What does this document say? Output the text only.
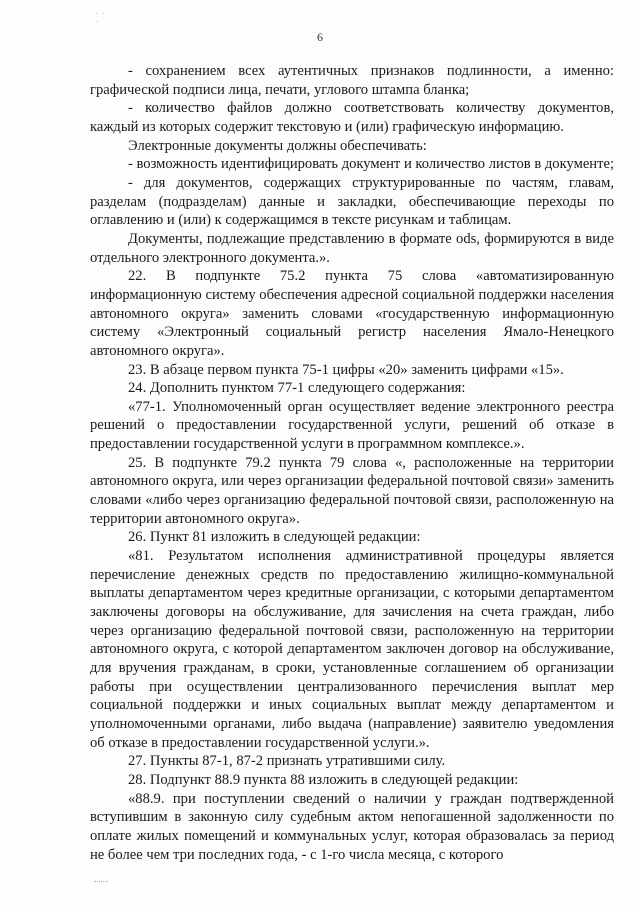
· · ·
6

- сохранением всех аутентичных признаков подлинности, а именно: графической подписи лица, печати, углового штампа бланка;

- количество файлов должно соответствовать количеству документов, каждый из которых содержит текстовую и (или) графическую информацию.

Электронные документы должны обеспечивать:

- возможность идентифицировать документ и количество листов в документе;

- для документов, содержащих структурированные по частям, главам, разделам (подразделам) данные и закладки, обеспечивающие переходы по оглавлению и (или) к содержащимся в тексте рисункам и таблицам.

Документы, подлежащие представлению в формате ods, формируются в виде отдельного электронного документа.».

22. В подпункте 75.2 пункта 75 слова «автоматизированную информационную систему обеспечения адресной социальной поддержки населения автономного округа» заменить словами «государственную информационную систему «Электронный социальный регистр населения Ямало-Ненецкого автономного округа».

23. В абзаце первом пункта 75-1 цифры «20» заменить цифрами «15».

24. Дополнить пунктом 77-1 следующего содержания:

«77-1. Уполномоченный орган осуществляет ведение электронного реестра решений о предоставлении государственной услуги, решений об отказе в предоставлении государственной услуги в программном комплексе.».

25. В подпункте 79.2 пункта 79 слова «, расположенные на территории автономного округа, или через организации федеральной почтовой связи» заменить словами «либо через организацию федеральной почтовой связи, расположенную на территории автономного округа».

26. Пункт 81 изложить в следующей редакции:

«81. Результатом исполнения административной процедуры является перечисление денежных средств по предоставлению жилищно-коммунальной выплаты департаментом через кредитные организации, с которыми департаментом заключены договоры на обслуживание, для зачисления на счета граждан, либо через организацию федеральной почтовой связи, расположенную на территории автономного округа, с которой департаментом заключен договор на обслуживание, для вручения гражданам, в сроки, установленные соглашением об организации работы при осуществлении централизованного перечисления выплат мер социальной поддержки и иных социальных выплат между департаментом и уполномоченными органами, либо выдача (направление) заявителю уведомления об отказе в предоставлении государственной услуги.».

27. Пункты 87-1, 87-2 признать утратившими силу.

28. Подпункт 88.9 пункта 88 изложить в следующей редакции:

«88.9. при поступлении сведений о наличии у граждан подтвержденной вступившим в законную силу судебным актом непогашенной задолженности по оплате жилых помещений и коммунальных услуг, которая образовалась за период не более чем три последних года, - с 1-го числа месяца, с которого
